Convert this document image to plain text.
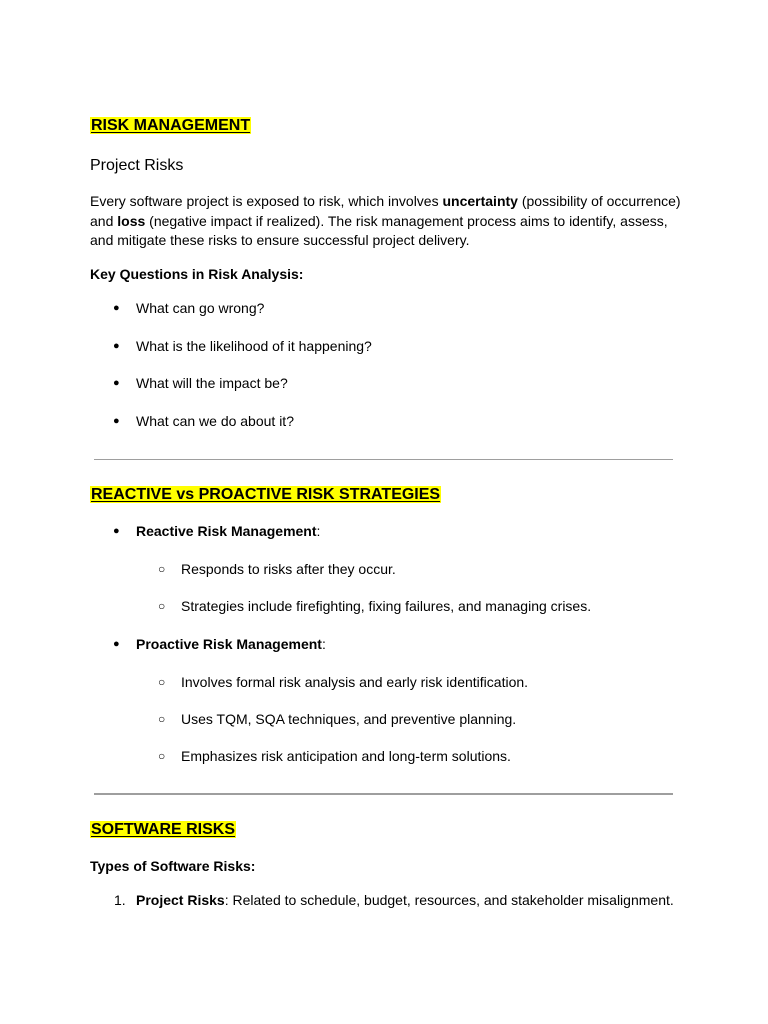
RISK MANAGEMENT
Project Risks

Every software project is exposed to risk, which involves uncertainty (possibility of occurrence) and loss (negative impact if realized). The risk management process aims to identify, assess, and mitigate these risks to ensure successful project delivery.

Key Questions in Risk Analysis:
● What can go wrong?
● What is the likelihood of it happening?
● What will the impact be?
● What can we do about it?
REACTIVE vs PROACTIVE RISK STRATEGIES
● Reactive Risk Management:
○ Responds to risks after they occur.
○ Strategies include firefighting, fixing failures, and managing crises.
● Proactive Risk Management:
○ Involves formal risk analysis and early risk identification.
○ Uses TQM, SQA techniques, and preventive planning.
○ Emphasizes risk anticipation and long-term solutions.
SOFTWARE RISKS
Types of Software Risks:
1. Project Risks: Related to schedule, budget, resources, and stakeholder misalignment.
